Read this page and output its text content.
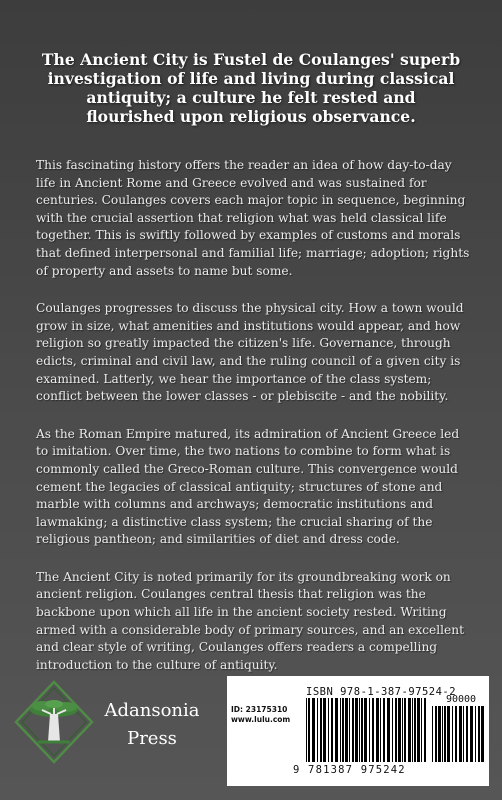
The Ancient City is Fustel de Coulanges' superb investigation of life and living during classical antiquity; a culture he felt rested and flourished upon religious observance.

This fascinating history offers the reader an idea of how day-to-day life in Ancient Rome and Greece evolved and was sustained for centuries. Coulanges covers each major topic in sequence, beginning with the crucial assertion that religion what was held classical life together. This is swiftly followed by examples of customs and morals that defined interpersonal and familial life; marriage; adoption; rights of property and assets to name but some.

Coulanges progresses to discuss the physical city. How a town would grow in size, what amenities and institutions would appear, and how religion so greatly impacted the citizen's life. Governance, through edicts, criminal and civil law, and the ruling council of a given city is examined. Latterly, we hear the importance of the class system; conflict between the lower classes - or plebiscite - and the nobility.

As the Roman Empire matured, its admiration of Ancient Greece led to imitation. Over time, the two nations to combine to form what is commonly called the Greco-Roman culture. This convergence would cement the legacies of classical antiquity; structures of stone and marble with columns and archways; democratic institutions and lawmaking; a distinctive class system; the crucial sharing of the religious pantheon; and similarities of diet and dress code.

The Ancient City is noted primarily for its groundbreaking work on ancient religion. Coulanges central thesis that religion was the backbone upon which all life in the ancient society rested. Writing armed with a considerable body of primary sources, and an excellent and clear style of writing, Coulanges offers readers a compelling introduction to the culture of antiquity.

Adansonia
Press
ISBN 978-1-387-97524-2
90000
ID: 23175310
www.lulu.com
9 781387 975242
